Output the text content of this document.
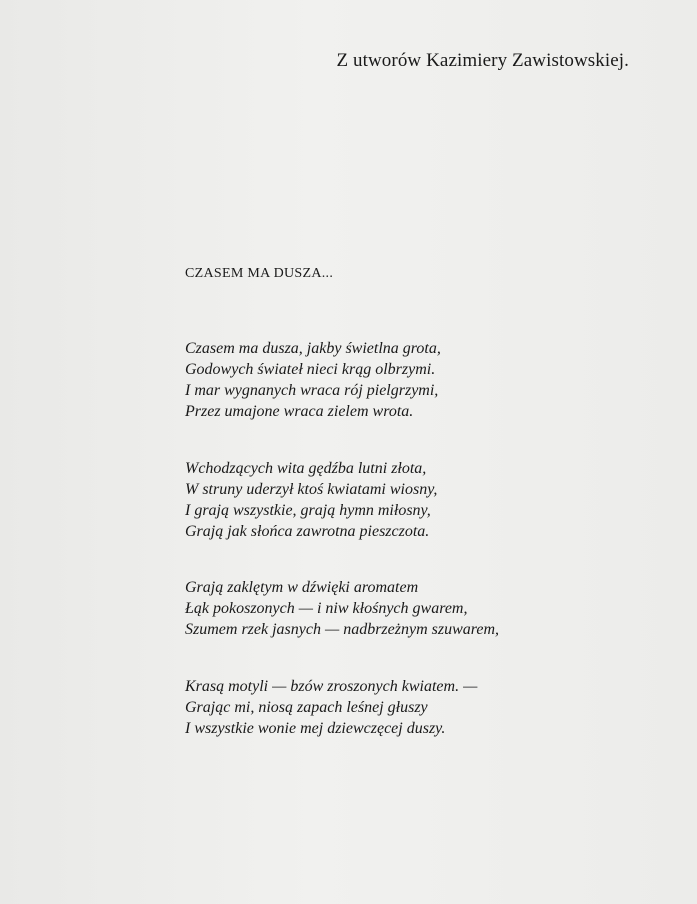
Z utworów Kazimiery Zawistowskiej.
CZASEM MA DUSZA...
Czasem ma dusza, jakby świetlna grota,
Godowych świateł nieci krąg olbrzymi.
I mar wygnanych wraca rój pielgrzymi,
Przez umajone wraca zielem wrota.
Wchodzących wita gędźba lutni złota,
W struny uderzył ktoś kwiatami wiosny,
I grają wszystkie, grają hymn miłosny,
Grają jak słońca zawrotna pieszczota.
Grają zaklętym w dźwięki aromatem
Łąk pokoszonych — i niw kłośnych gwarem,
Szumem rzek jasnych — nadbrzeżnym szuwarem,
Krasą motyli — bzów zroszonych kwiatem. —
Grając mi, niosą zapach leśnej głuszy
I wszystkie wonie mej dziewczęcej duszy.
